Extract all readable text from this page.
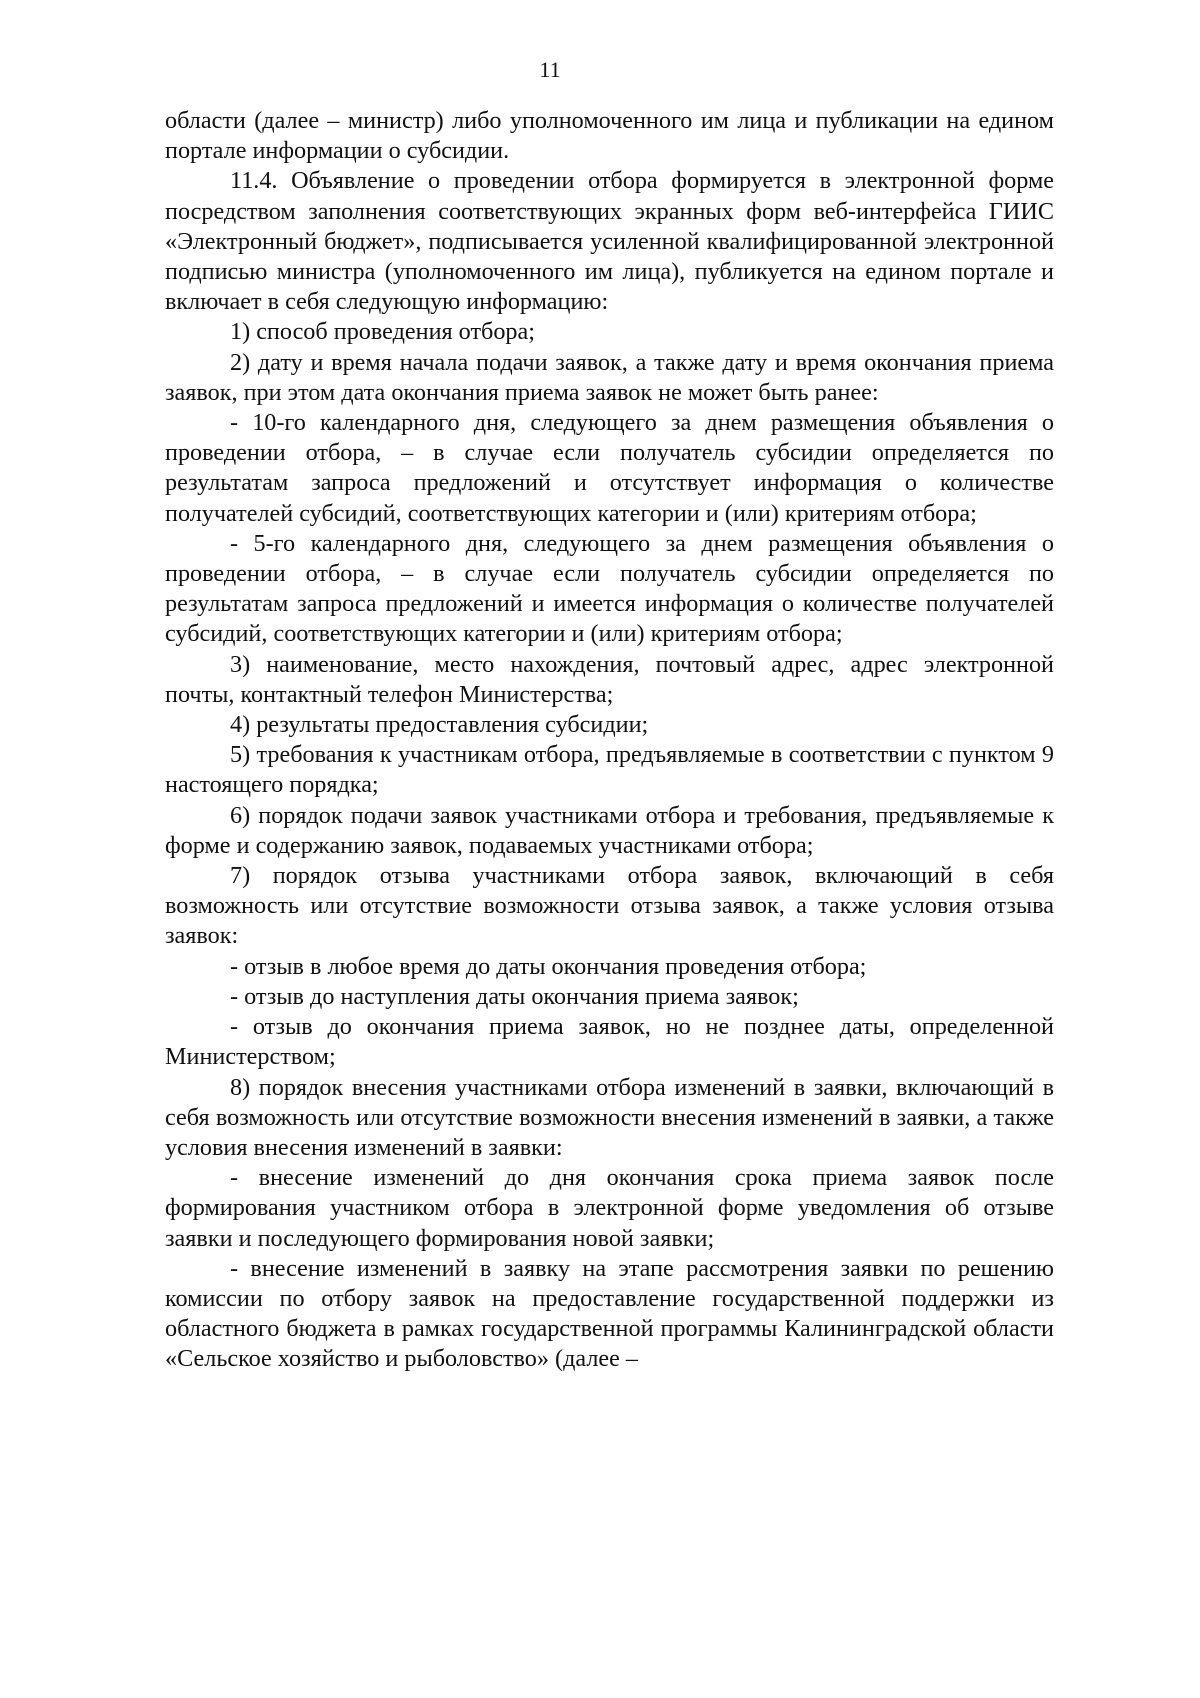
11

области (далее – министр) либо уполномоченного им лица и публикации на едином портале информации о субсидии.

11.4. Объявление о проведении отбора формируется в электронной форме посредством заполнения соответствующих экранных форм веб-интерфейса ГИИС «Электронный бюджет», подписывается усиленной квалифицированной электронной подписью министра (уполномоченного им лица), публикуется на едином портале и включает в себя следующую информацию:

1) способ проведения отбора;

2) дату и время начала подачи заявок, а также дату и время окончания приема заявок, при этом дата окончания приема заявок не может быть ранее:

- 10-го календарного дня, следующего за днем размещения объявления о проведении отбора, – в случае если получатель субсидии определяется по результатам запроса предложений и отсутствует информация о количестве получателей субсидий, соответствующих категории и (или) критериям отбора;

- 5-го календарного дня, следующего за днем размещения объявления о проведении отбора, – в случае если получатель субсидии определяется по результатам запроса предложений и имеется информация о количестве получателей субсидий, соответствующих категории и (или) критериям отбора;

3) наименование, место нахождения, почтовый адрес, адрес электронной почты, контактный телефон Министерства;

4) результаты предоставления субсидии;

5) требования к участникам отбора, предъявляемые в соответствии с пунктом 9 настоящего порядка;

6) порядок подачи заявок участниками отбора и требования, предъявляемые к форме и содержанию заявок, подаваемых участниками отбора;

7) порядок отзыва участниками отбора заявок, включающий в себя возможность или отсутствие возможности отзыва заявок, а также условия отзыва заявок:

- отзыв в любое время до даты окончания проведения отбора;

- отзыв до наступления даты окончания приема заявок;

- отзыв до окончания приема заявок, но не позднее даты, определенной Министерством;

8) порядок внесения участниками отбора изменений в заявки, включающий в себя возможность или отсутствие возможности внесения изменений в заявки, а также условия внесения изменений в заявки:

- внесение изменений до дня окончания срока приема заявок после формирования участником отбора в электронной форме уведомления об отзыве заявки и последующего формирования новой заявки;

- внесение изменений в заявку на этапе рассмотрения заявки по решению комиссии по отбору заявок на предоставление государственной поддержки из областного бюджета в рамках государственной программы Калининградской области «Сельское хозяйство и рыболовство» (далее –
